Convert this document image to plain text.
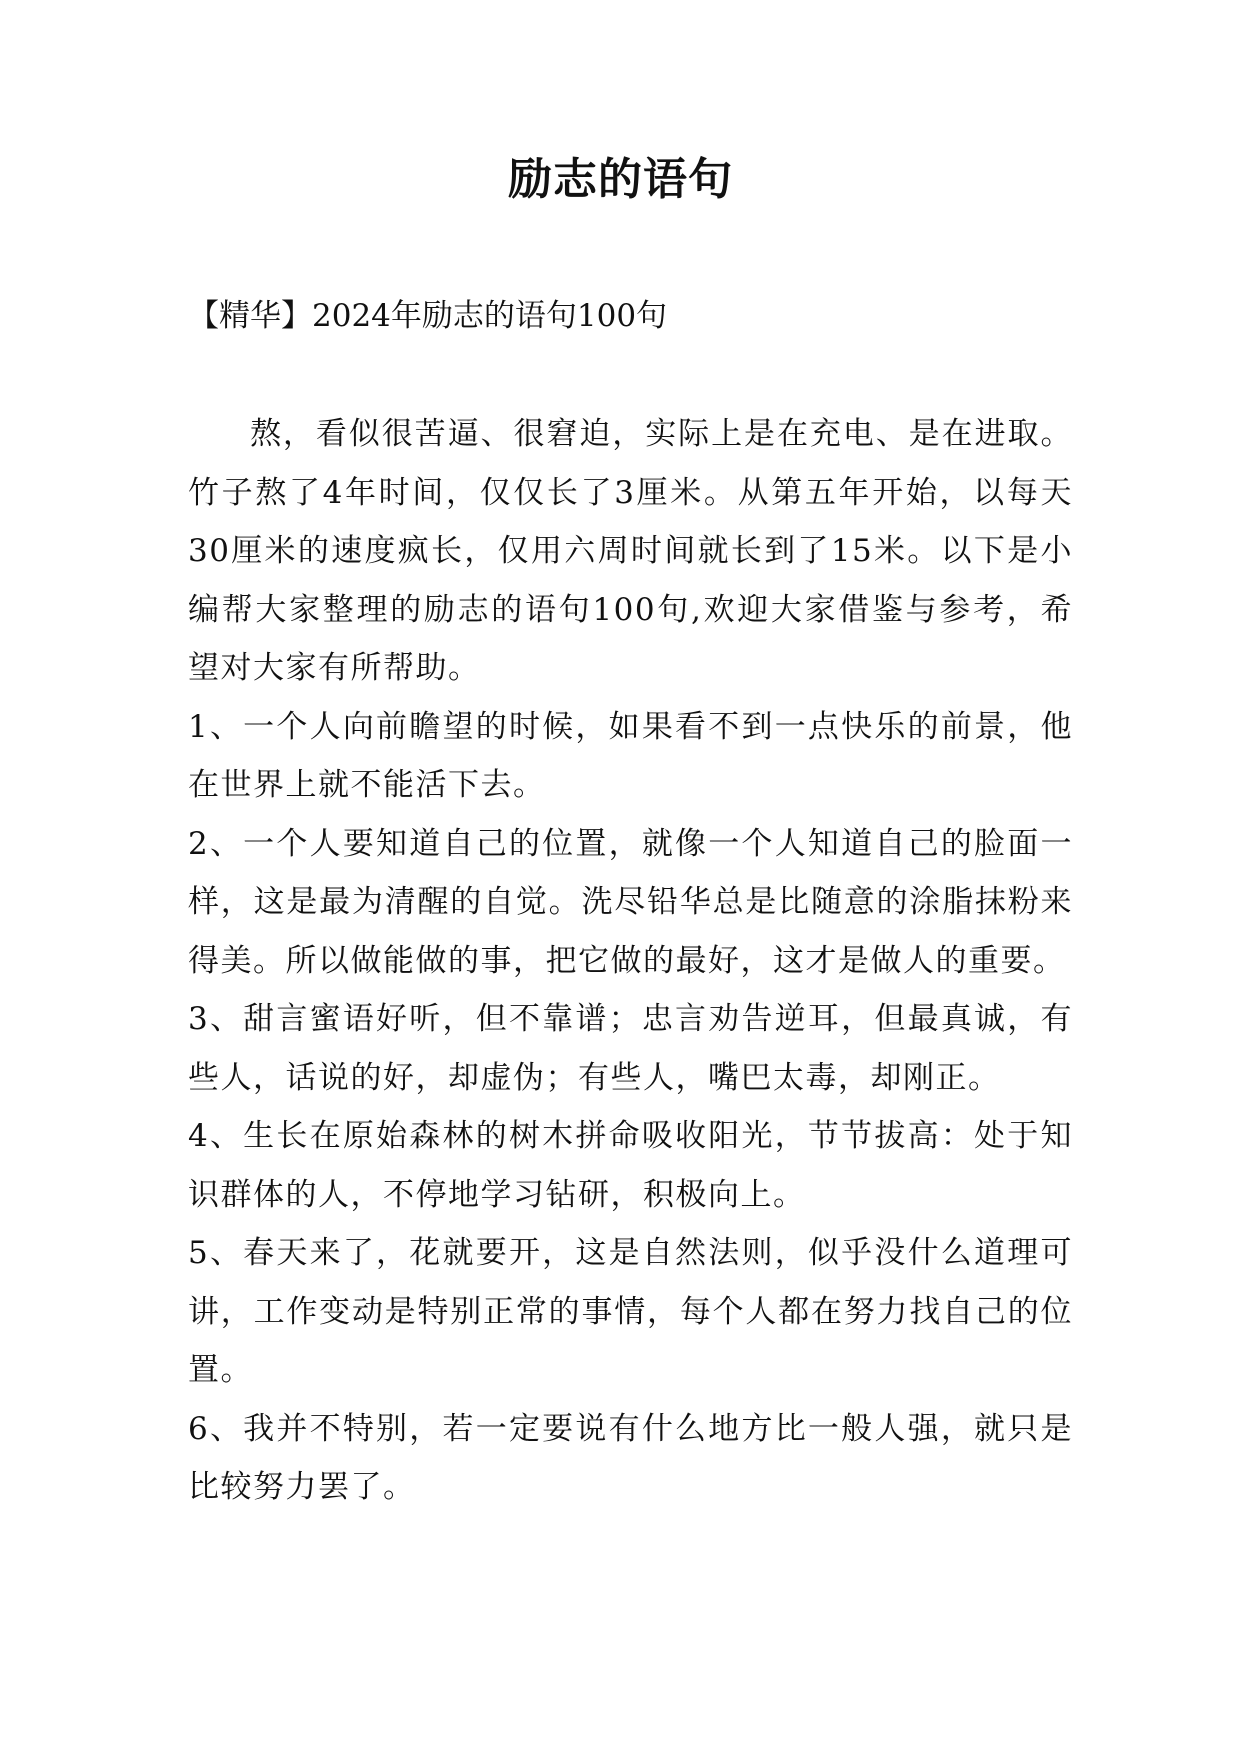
励志的语句

【精华】2024年励志的语句100句

熬，看似很苦逼、很窘迫，实际上是在充电、是在进取。竹子熬了4年时间，仅仅长了3厘米。从第五年开始，以每天30厘米的速度疯长，仅用六周时间就长到了15米。以下是小编帮大家整理的励志的语句100句,欢迎大家借鉴与参考，希望对大家有所帮助。

1、一个人向前瞻望的时候，如果看不到一点快乐的前景，他在世界上就不能活下去。

2、一个人要知道自己的位置，就像一个人知道自己的脸面一样，这是最为清醒的自觉。洗尽铅华总是比随意的涂脂抹粉来得美。所以做能做的事，把它做的最好，这才是做人的重要。

3、甜言蜜语好听，但不靠谱；忠言劝告逆耳，但最真诚，有些人，话说的好，却虚伪；有些人，嘴巴太毒，却刚正。

4、生长在原始森林的树木拼命吸收阳光，节节拔高：处于知识群体的人，不停地学习钻研，积极向上。

5、春天来了，花就要开，这是自然法则，似乎没什么道理可讲，工作变动是特别正常的事情，每个人都在努力找自己的位置。

6、我并不特别，若一定要说有什么地方比一般人强，就只是比较努力罢了。
